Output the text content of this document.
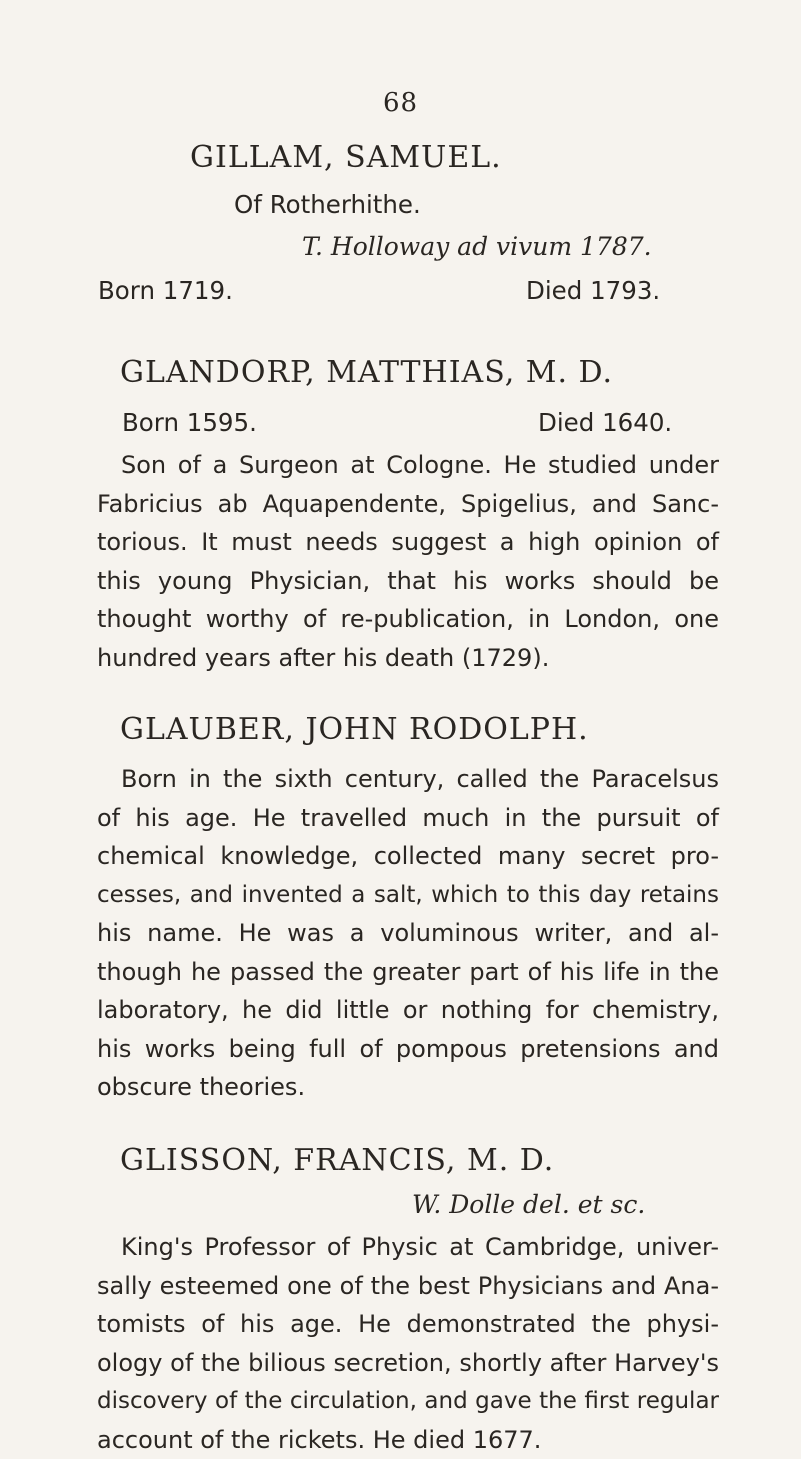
68
GILLAM, SAMUEL.
Of Rotherhithe.
T. Holloway ad vivum 1787.
Born 1719.	Died 1793.
GLANDORP, MATTHIAS, M. D.
Born 1595.	Died 1640.
Son of a Surgeon at Cologne. He studied under
Fabricius ab Aquapendente, Spigelius, and Sanc-
torious. It must needs suggest a high opinion of
this young Physician, that his works should be
thought worthy of re-publication, in London, one
hundred years after his death (1729).
GLAUBER, JOHN RODOLPH.
Born in the sixth century, called the Paracelsus
of his age. He travelled much in the pursuit of
chemical knowledge, collected many secret pro-
cesses, and invented a salt, which to this day retains
his name. He was a voluminous writer, and al-
though he passed the greater part of his life in the
laboratory, he did little or nothing for chemistry,
his works being full of pompous pretensions and
obscure theories.
GLISSON, FRANCIS, M. D.
W. Dolle del. et sc.
King's Professor of Physic at Cambridge, univer-
sally esteemed one of the best Physicians and Ana-
tomists of his age. He demonstrated the physi-
ology of the bilious secretion, shortly after Harvey's
discovery of the circulation, and gave the first regular
account of the rickets. He died 1677.
